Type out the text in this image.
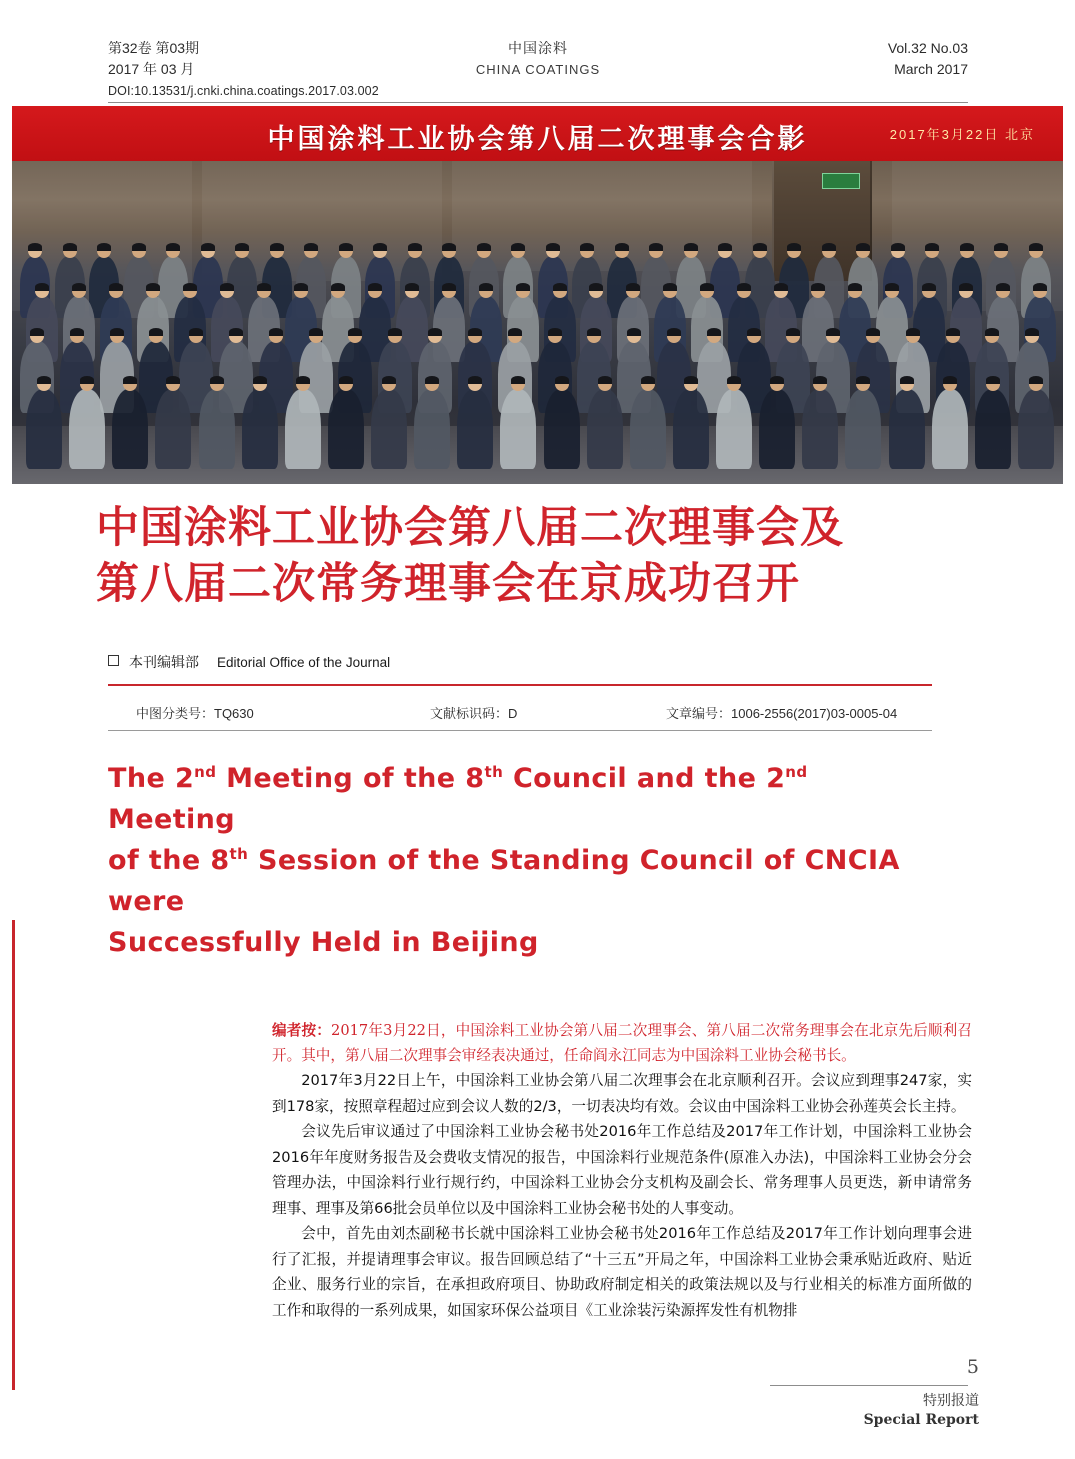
第32卷 第03期
2017 年 03 月
中国涂料
CHINA COATINGS
Vol.32 No.03
March 2017
DOI:10.13531/j.cnki.china.coatings.2017.03.002
中国涂料工业协会第八届二次理事会合影	2017年3月22日 北京
中国涂料工业协会第八届二次理事会及
第八届二次常务理事会在京成功召开
本刊编辑部 Editorial Office of the Journal
中图分类号：TQ630	文献标识码：D	文章编号：1006-2556(2017)03-0005-04
The 2nd Meeting of the 8th Council and the 2nd Meeting
of the 8th Session of the Standing Council of CNCIA were
Successfully Held in Beijing
编者按：2017年3月22日，中国涂料工业协会第八届二次理事会、第八届二次常务理事会在北京先后顺利召开。其中，第八届二次理事会审经表决通过，任命阎永江同志为中国涂料工业协会秘书长。

2017年3月22日上午，中国涂料工业协会第八届二次理事会在北京顺利召开。会议应到理事247家，实到178家，按照章程超过应到会议人数的2/3，一切表决均有效。会议由中国涂料工业协会孙莲英会长主持。

会议先后审议通过了中国涂料工业协会秘书处2016年工作总结及2017年工作计划，中国涂料工业协会2016年年度财务报告及会费收支情况的报告，中国涂料行业规范条件(原准入办法)，中国涂料工业协会分会管理办法，中国涂料行业行规行约，中国涂料工业协会分支机构及副会长、常务理事人员更迭，新申请常务理事、理事及第66批会员单位以及中国涂料工业协会秘书处的人事变动。

会中，首先由刘杰副秘书长就中国涂料工业协会秘书处2016年工作总结及2017年工作计划向理事会进行了汇报，并提请理事会审议。报告回顾总结了“十三五”开局之年，中国涂料工业协会秉承贴近政府、贴近企业、服务行业的宗旨，在承担政府项目、协助政府制定相关的政策法规以及与行业相关的标准方面所做的工作和取得的一系列成果，如国家环保公益项目《工业涂装污染源挥发性有机物排

5
特别报道
Special Report
